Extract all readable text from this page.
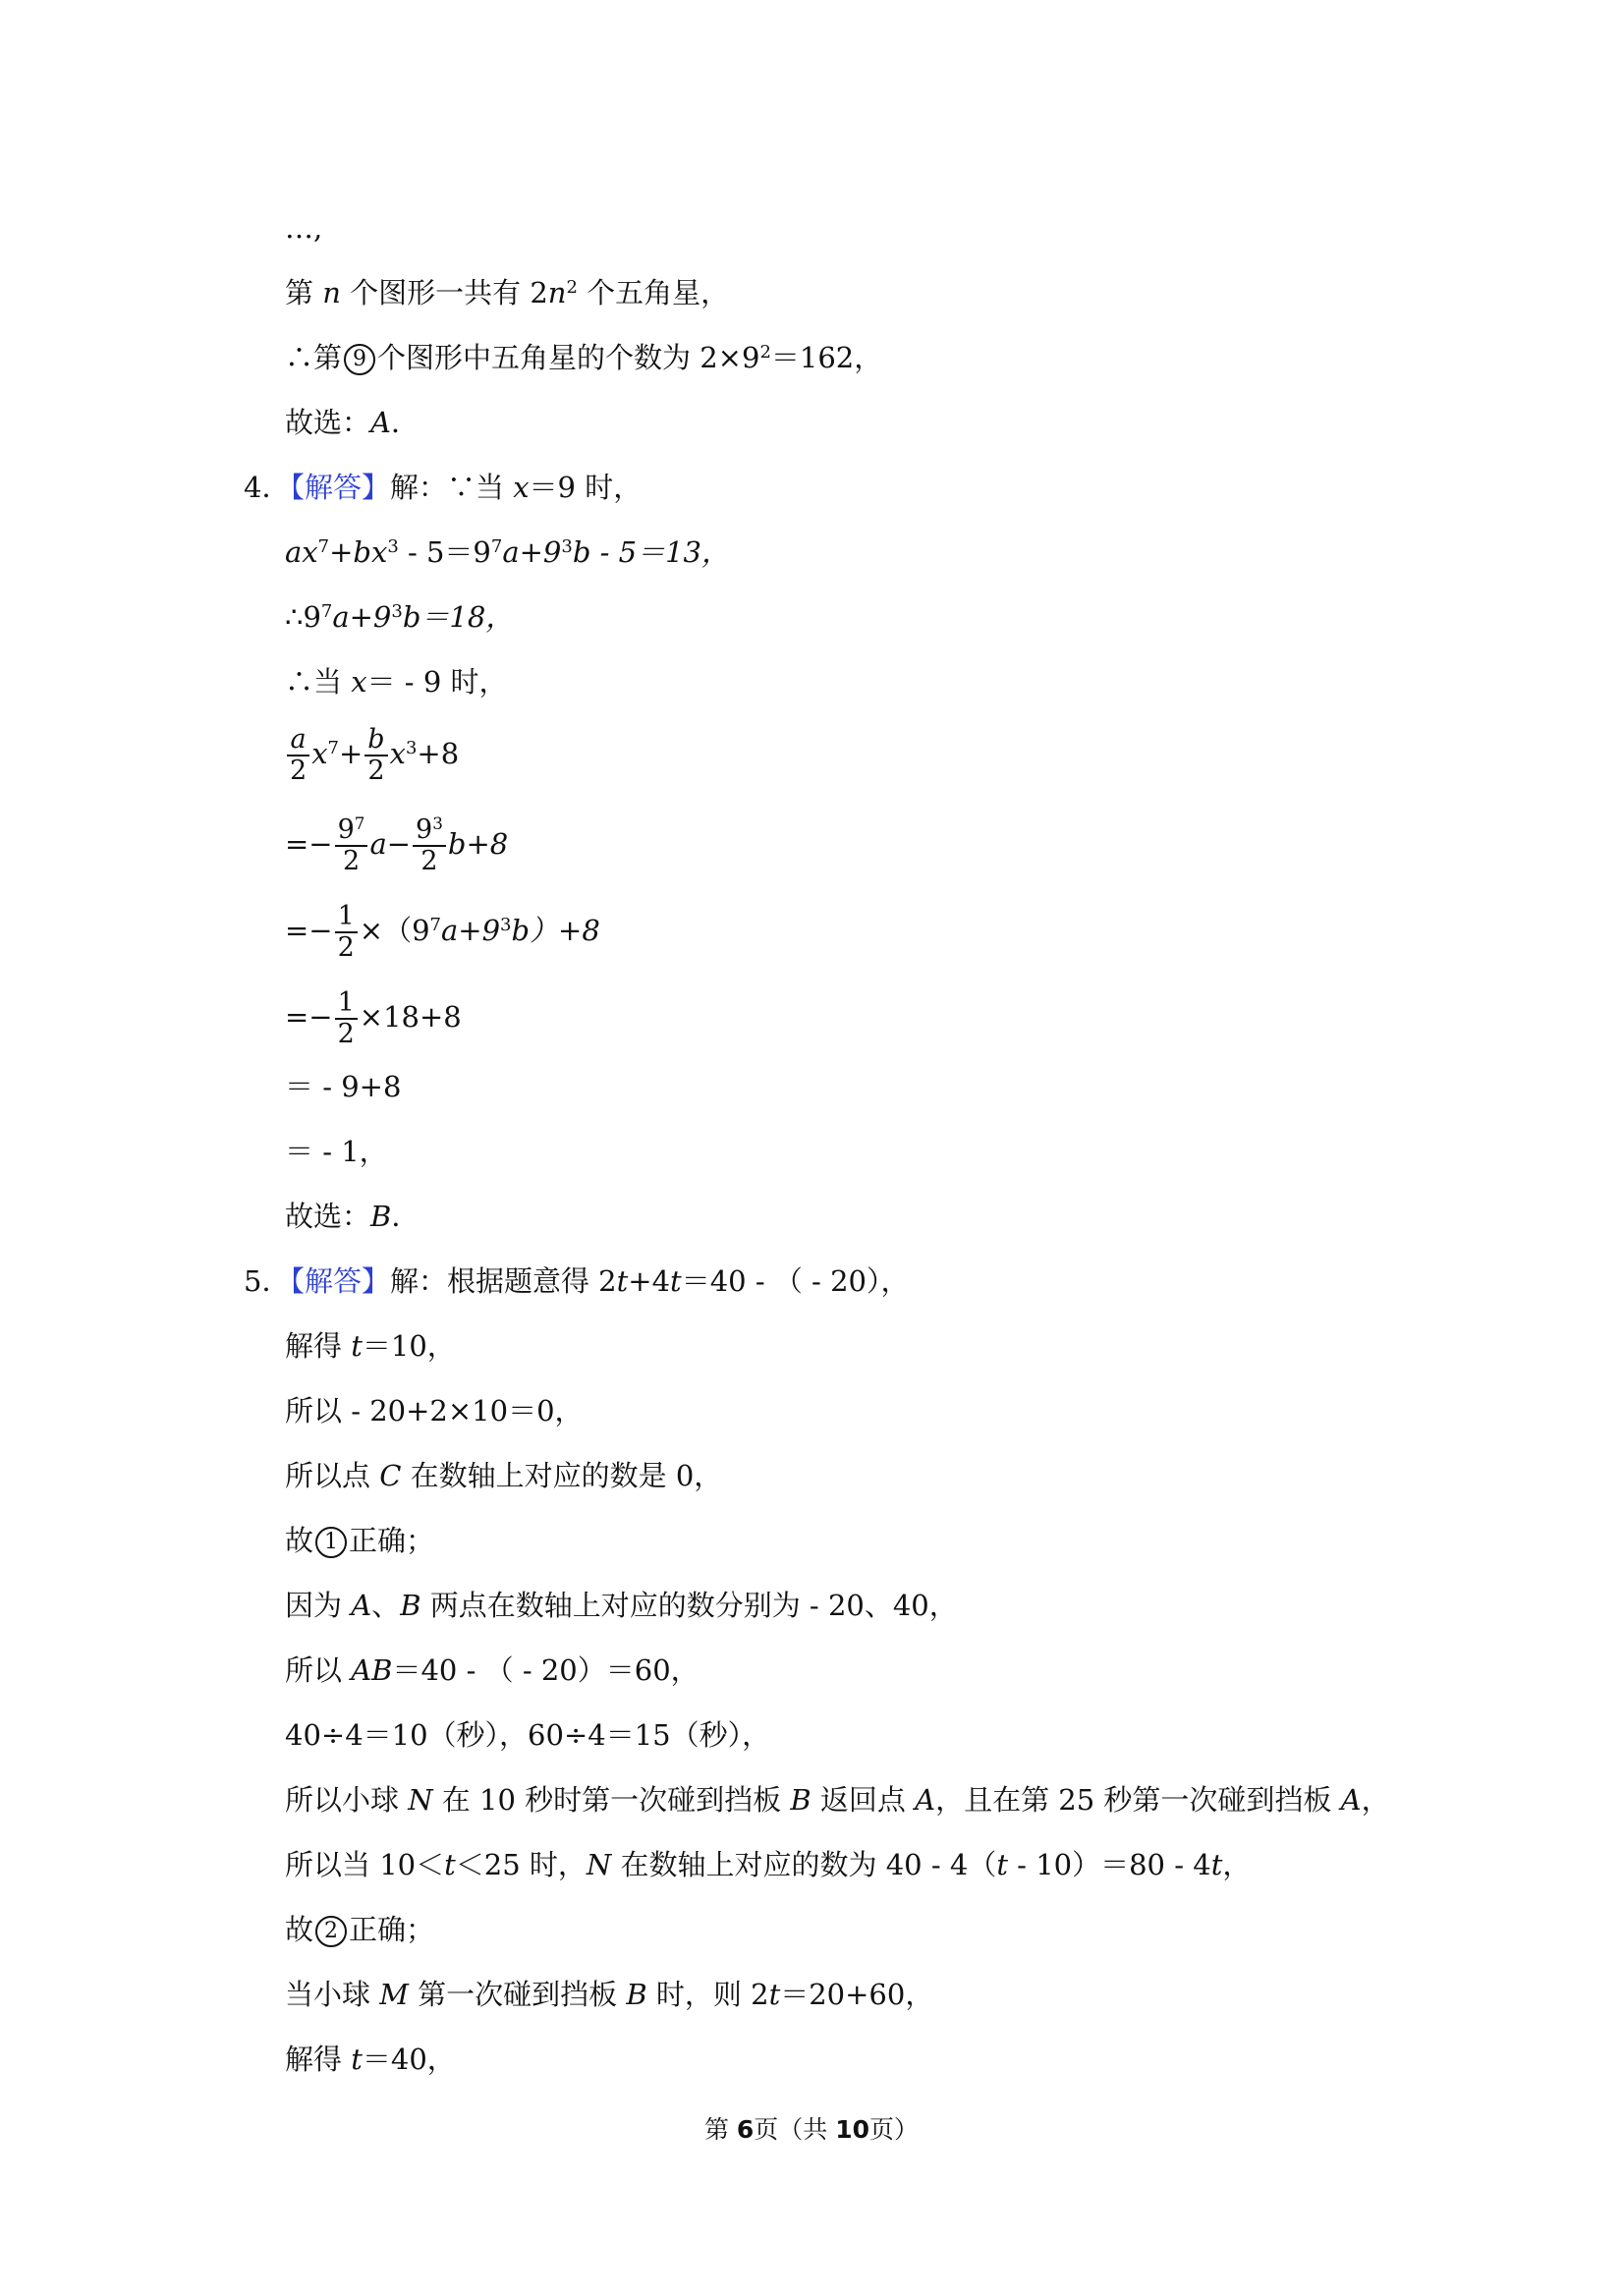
…,
第 n 个图形一共有 $2n^2$ 个五角星，
∴第 9 个图形中五角星的个数为 $2\times 9^2=162$，
故选：A．
4．【解答】解：∵当 x＝9 时，
$ax^7+bx^3 - 5=9^7a+9^3b - 5=13$，
$\therefore 9^7a+9^3b=18$，
∴当 x＝ - 9 时，
$\frac{a}{2} x^7+ \frac{b}{2} x^3+8$
=− $\frac{9^7}{2} a- \frac{9^3}{2} b+8$
=− $\frac{1}{2} \times(9^7a+9^3b)+8$
=− $\frac{1}{2} \times 18+8$
＝ - 9+8
＝ - 1，
故选：B．
5．【解答】解：根据题意得 2t+4t＝40 - （ - 20），
解得 t＝10，
所以 - 20+2×10＝0，
所以点 C 在数轴上对应的数是 0，
故 1 正确；
因为 A、B 两点在数轴上对应的数分别为 - 20、40，
所以 AB＝40 - （ - 20）＝60，
40÷4＝10（秒），60÷4＝15（秒），
所以小球 N 在 10 秒时第一次碰到挡板 B 返回点 A，且在第 25 秒第一次碰到挡板 A，
所以当 10＜t＜25 时，N 在数轴上对应的数为 40 - 4（t - 10）＝80 - 4t，
故 2 正确；
当小球 M 第一次碰到挡板 B 时，则 2t＝20+60，
解得 t＝40，
第 6页（共 10页）
